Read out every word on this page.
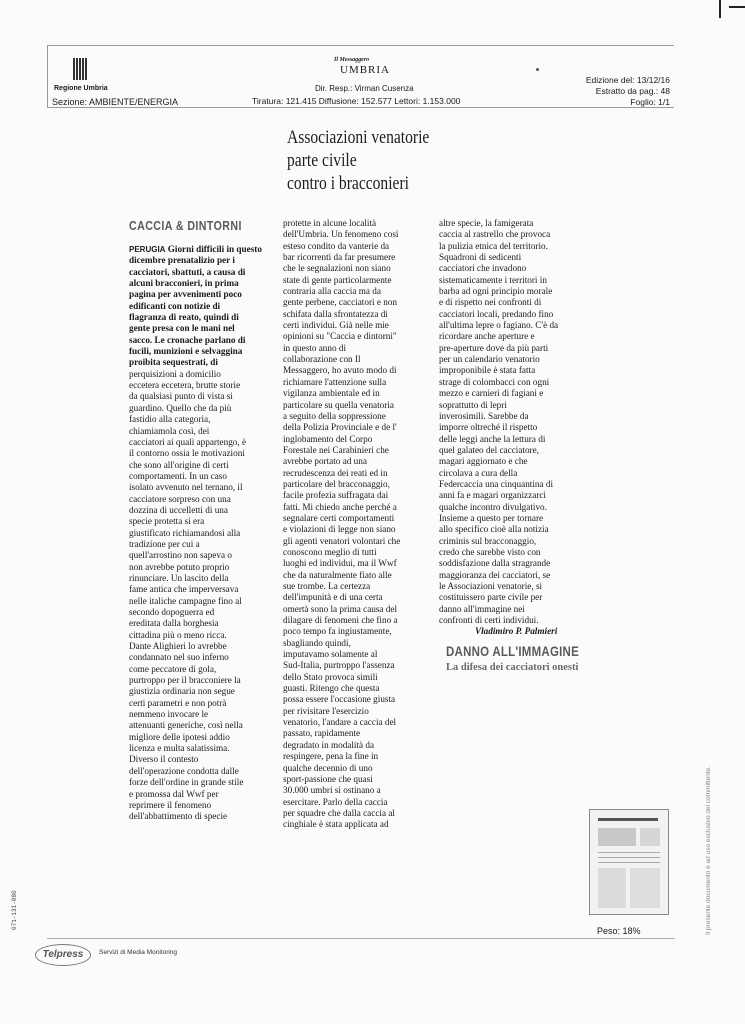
Regione Umbria
Sezione: AMBIENTE/ENERGIA
Il Messaggero
UMBRIA
Dir. Resp.: Virman Cusenza
Tiratura: 121.415 Diffusione: 152.577 Lettori: 1.153.000
Edizione del: 13/12/16
Estratto da pag.: 48
Foglio: 1/1
Associazioni venatorie
parte civile
contro i bracconieri
CACCIA & DINTORNI
PERUGIA Giorni difficili in questo
dicembre prenatalizio per i
cacciatori, sbattuti, a causa di
alcuni bracconieri, in prima
pagina per avvenimenti poco
edificanti con notizie di
flagranza di reato, quindi di
gente presa con le mani nel
sacco. Le cronache parlano di
fucili, munizioni e selvaggina
proibita sequestrati, di
perquisizioni a domicilio
eccetera eccetera, brutte storie
da qualsiasi punto di vista si
guardino. Quello che da più
fastidio alla categoria,
chiamiamola così, dei
cacciatori ai quali appartengo, è
il contorno ossia le motivazioni
che sono all'origine di certi
comportamenti. In un caso
isolato avvenuto nel ternano, il
cacciatore sorpreso con una
dozzina di uccelletti di una
specie protetta si era
giustificato richiamandosi alla
tradizione per cui a
quell'arrostino non sapeva o
non avrebbe potuto proprio
rinunciare. Un lascito della
fame antica che imperversava
nelle italiche campagne fino al
secondo dopoguerra ed
ereditata dalla borghesia
cittadina più o meno ricca.
Dante Alighieri lo avrebbe
condannato nel suo inferno
come peccatore di gola,
purtroppo per il bracconiere la
giustizia ordinaria non segue
certi parametri e non potrà
nemmeno invocare le
attenuanti generiche, così nella
migliore delle ipotesi addio
licenza e multa salatissima.
Diverso il contesto
dell'operazione condotta dalle
forze dell'ordine in grande stile
e promossa dal Wwf per
reprimere il fenomeno
dell'abbattimento di specie
protette in alcune località
dell'Umbria. Un fenomeno così
esteso condito da vanterie da
bar ricorrenti da far presumere
che le segnalazioni non siano
state di gente particolarmente
contraria alla caccia ma da
gente perbene, cacciatori e non
schifata dalla sfrontatezza di
certi individui. Già nelle mie
opinioni su "Caccia e dintorni"
in questo anno di
collaborazione con Il
Messaggero, ho avuto modo di
richiamare l'attenzione sulla
vigilanza ambientale ed in
particolare su quella venatoria
a seguito della soppressione
della Polizia Provinciale e de l'
inglobamento del Corpo
Forestale nei Carabinieri che
avrebbe portato ad una
recrudescenza dei reati ed in
particolare del bracconaggio,
facile profezia suffragata dai
fatti. Mi chiedo anche perché a
segnalare certi comportamenti
e violazioni di legge non siano
gli agenti venatori volontari che
conoscono meglio di tutti
luoghi ed individui, ma il Wwf
che da naturalmente fiato alle
sue trombe. La certezza
dell'impunità e di una certa
omertà sono la prima causa del
dilagare di fenomeni che fino a
poco tempo fa ingiustamente,
sbagliando quindi,
imputavamo solamente al
Sud-Italia, purtroppo l'assenza
dello Stato provoca simili
guasti. Ritengo che questa
possa essere l'occasione giusta
per rivisitare l'esercizio
venatorio, l'andare a caccia del
passato, rapidamente
degradato in modalità da
respingere, pena la fine in
qualche decennio di uno
sport-passione che quasi
30.000 umbri si ostinano a
esercitare. Parlo della caccia
per squadre che dalla caccia al
cinghiale è stata applicata ad
altre specie, la famigerata
caccia al rastrello che provoca
la pulizia etnica del territorio.
Squadroni di sedicenti
cacciatori che invadono
sistematicamente i territori in
barba ad ogni principio morale
e di rispetto nei confronti di
cacciatori locali, predando fino
all'ultima lepre o fagiano. C'è da
ricordare anche aperture e
pre-aperture dove da più parti
per un calendario venatorio
improponibile è stata fatta
strage di colombacci con ogni
mezzo e carnieri di fagiani e
soprattutto di lepri
inverosimili. Sarebbe da
imporre oltreché il rispetto
delle leggi anche la lettura di
quel galateo del cacciatore,
magari aggiornato e che
circolava a cura della
Federcaccia una cinquantina di
anni fa e magari organizzarci
qualche incontro divulgativo.
Insieme a questo per tornare
allo specifico cioè alla notizia
criminis sul bracconaggio,
credo che sarebbe visto con
soddisfazione dalla stragrande
maggioranza dei cacciatori, se
le Associazioni venatorie, si
costituissero parte civile per
danno all'immagine nei
confronti di certi individui.
Vladimiro P. Palmieri
DANNO ALL'IMMAGINE
La difesa dei cacciatori onesti
Peso: 18%	Il presente documento è ad uso esclusivo del committente.
071-131-080
Telpress	Servizi di Media Monitoring
